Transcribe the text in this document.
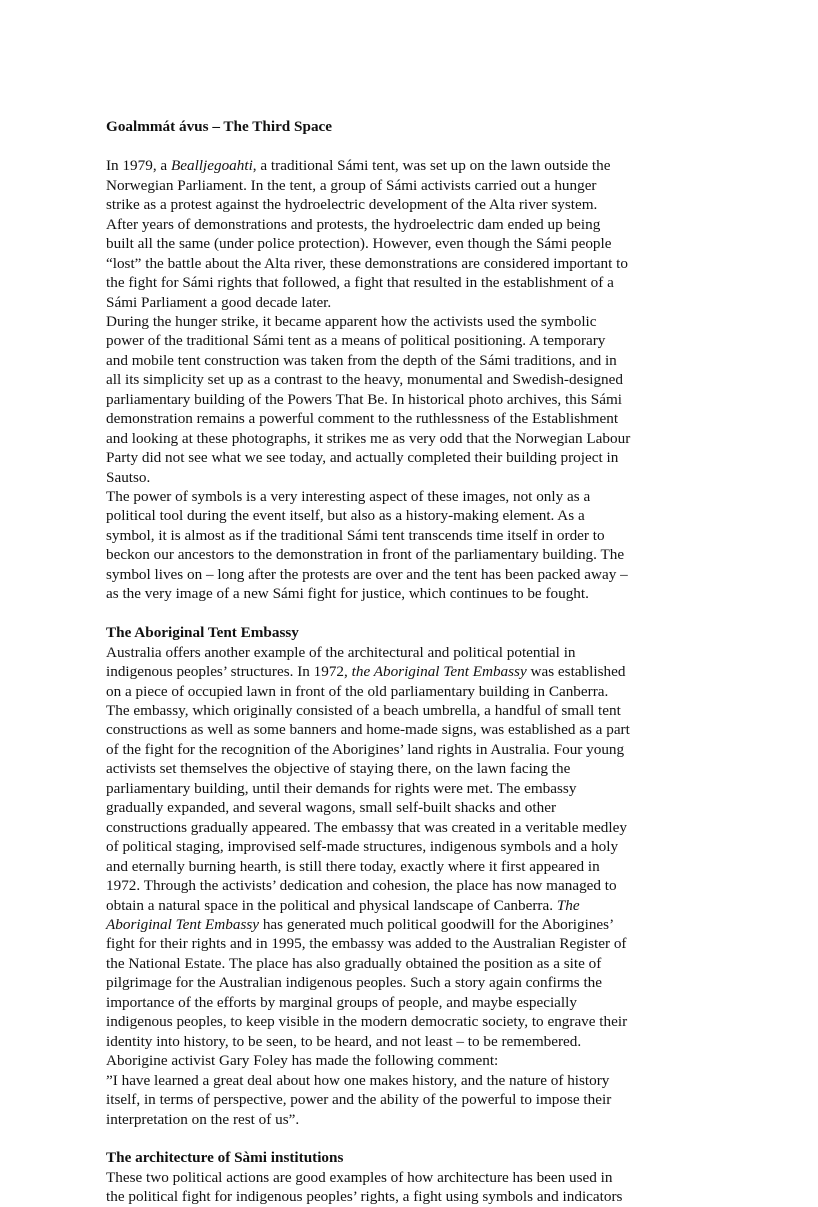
Goalmmát ávus – The Third Space

In 1979, a Bealljegoahti, a traditional Sámi tent, was set up on the lawn outside the
Norwegian Parliament. In the tent, a group of Sámi activists carried out a hunger
strike as a protest against the hydroelectric development of the Alta river system.
After years of demonstrations and protests, the hydroelectric dam ended up being
built all the same (under police protection). However, even though the Sámi people
“lost” the battle about the Alta river, these demonstrations are considered important to
the fight for Sámi rights that followed, a fight that resulted in the establishment of a
Sámi Parliament a good decade later.
During the hunger strike, it became apparent how the activists used the symbolic
power of the traditional Sámi tent as a means of political positioning. A temporary
and mobile tent construction was taken from the depth of the Sámi traditions, and in
all its simplicity set up as a contrast to the heavy, monumental and Swedish-designed
parliamentary building of the Powers That Be. In historical photo archives, this Sámi
demonstration remains a powerful comment to the ruthlessness of the Establishment
and looking at these photographs, it strikes me as very odd that the Norwegian Labour
Party did not see what we see today, and actually completed their building project in
Sautso.
The power of symbols is a very interesting aspect of these images, not only as a
political tool during the event itself, but also as a history-making element. As a
symbol, it is almost as if the traditional Sámi tent transcends time itself in order to
beckon our ancestors to the demonstration in front of the parliamentary building. The
symbol lives on – long after the protests are over and the tent has been packed away –
as the very image of a new Sámi fight for justice, which continues to be fought.

The Aboriginal Tent Embassy

Australia offers another example of the architectural and political potential in
indigenous peoples’ structures. In 1972, the Aboriginal Tent Embassy was established
on a piece of occupied lawn in front of the old parliamentary building in Canberra.
The embassy, which originally consisted of a beach umbrella, a handful of small tent
constructions as well as some banners and home-made signs, was established as a part
of the fight for the recognition of the Aborigines’ land rights in Australia. Four young
activists set themselves the objective of staying there, on the lawn facing the
parliamentary building, until their demands for rights were met. The embassy
gradually expanded, and several wagons, small self-built shacks and other
constructions gradually appeared. The embassy that was created in a veritable medley
of political staging, improvised self-made structures, indigenous symbols and a holy
and eternally burning hearth, is still there today, exactly where it first appeared in
1972. Through the activists’ dedication and cohesion, the place has now managed to
obtain a natural space in the political and physical landscape of Canberra. The
Aboriginal Tent Embassy has generated much political goodwill for the Aborigines’
fight for their rights and in 1995, the embassy was added to the Australian Register of
the National Estate. The place has also gradually obtained the position as a site of
pilgrimage for the Australian indigenous peoples. Such a story again confirms the
importance of the efforts by marginal groups of people, and maybe especially
indigenous peoples, to keep visible in the modern democratic society, to engrave their
identity into history, to be seen, to be heard, and not least – to be remembered.
Aborigine activist Gary Foley has made the following comment:
”I have learned a great deal about how one makes history, and the nature of history
itself, in terms of perspective, power and the ability of the powerful to impose their
interpretation on the rest of us”.

The architecture of Sàmi institutions

These two political actions are good examples of how architecture has been used in
the political fight for indigenous peoples’ rights, a fight using symbols and indicators
